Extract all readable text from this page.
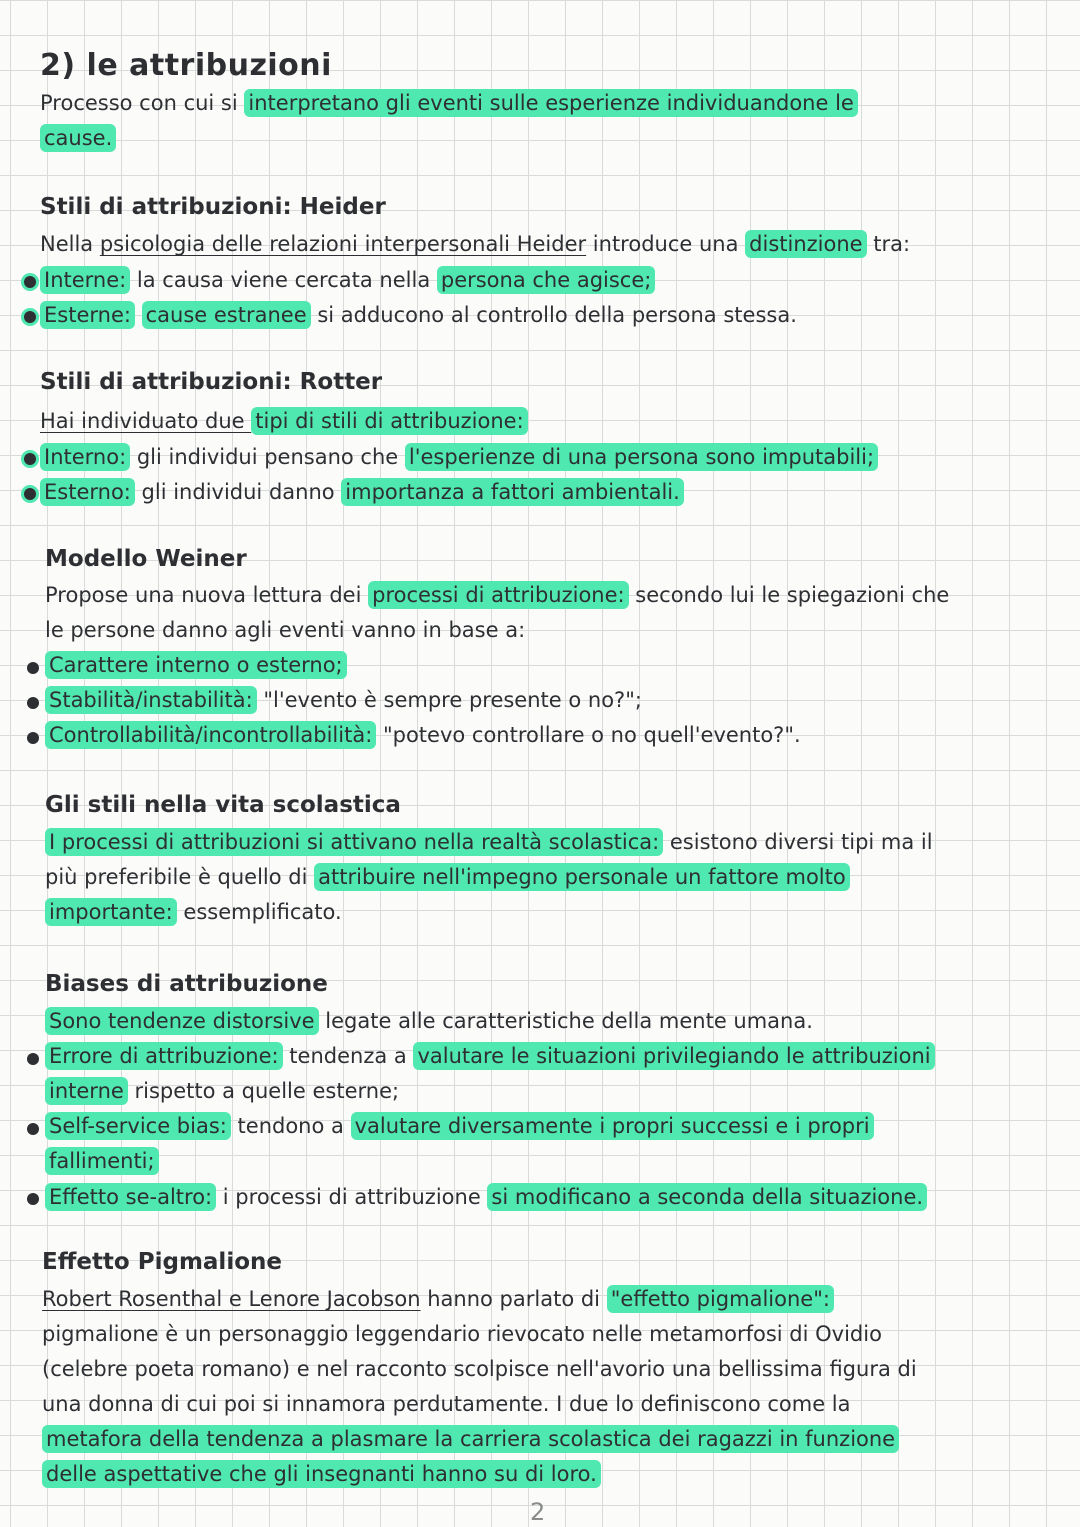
2) le attribuzioni
Processo con cui si interpretano gli eventi sulle esperienze individuandone le
cause.
Stili di attribuzioni: Heider
Nella psicologia delle relazioni interpersonali Heider introduce una distinzione tra:
Interne: la causa viene cercata nella persona che agisce;
Esterne: cause estranee si adducono al controllo della persona stessa.
Stili di attribuzioni: Rotter
Hai individuato due tipi di stili di attribuzione:
Interno: gli individui pensano che l'esperienze di una persona sono imputabili;
Esterno: gli individui danno importanza a fattori ambientali.
Modello Weiner
Propose una nuova lettura dei processi di attribuzione: secondo lui le spiegazioni che
le persone danno agli eventi vanno in base a:
Carattere interno o esterno;
Stabilità/instabilità: "l'evento è sempre presente o no?";
Controllabilità/incontrollabilità: "potevo controllare o no quell'evento?".
Gli stili nella vita scolastica
I processi di attribuzioni si attivano nella realtà scolastica: esistono diversi tipi ma il
più preferibile è quello di attribuire nell'impegno personale un fattore molto
importante: essemplificato.
Biases di attribuzione
Sono tendenze distorsive legate alle caratteristiche della mente umana.
Errore di attribuzione: tendenza a valutare le situazioni privilegiando le attribuzioni
interne rispetto a quelle esterne;
Self-service bias: tendono a valutare diversamente i propri successi e i propri
fallimenti;
Effetto se-altro: i processi di attribuzione si modificano a seconda della situazione.
Effetto Pigmalione
Robert Rosenthal e Lenore Jacobson hanno parlato di "effetto pigmalione":
pigmalione è un personaggio leggendario rievocato nelle metamorfosi di Ovidio
(celebre poeta romano) e nel racconto scolpisce nell'avorio una bellissima figura di
una donna di cui poi si innamora perdutamente. I due lo definiscono come la
metafora della tendenza a plasmare la carriera scolastica dei ragazzi in funzione
delle aspettative che gli insegnanti hanno su di loro.
2
